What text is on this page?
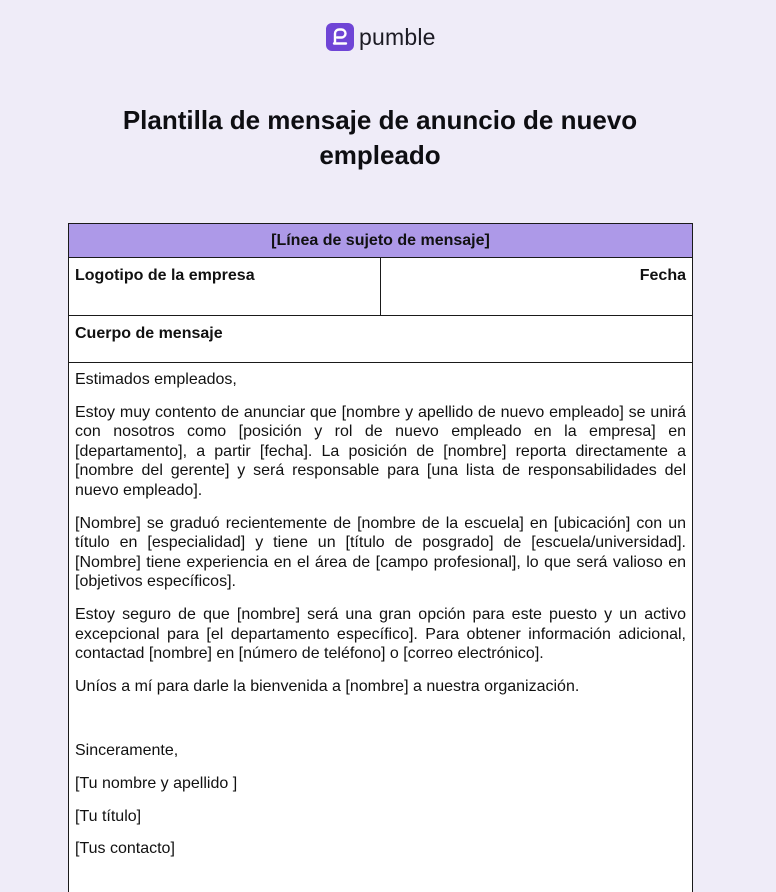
pumble
Plantilla de mensaje de anuncio de nuevo empleado
[Línea de sujeto de mensaje]
Logotipo de la empresa	Fecha
Cuerpo de mensaje

Estimados empleados,

Estoy muy contento de anunciar que [nombre y apellido de nuevo empleado] se unirá con nosotros como [posición y rol de nuevo empleado en la empresa] en [departamento], a partir [fecha]. La posición de [nombre] reporta directamente a [nombre del gerente] y será responsable para [una lista de responsabilidades del nuevo empleado].

[Nombre] se graduó recientemente de [nombre de la escuela] en [ubicación] con un título en [especialidad] y tiene un [título de posgrado] de [escuela/universidad]. [Nombre] tiene experiencia en el área de [campo profesional], lo que será valioso en [objetivos específicos].

Estoy seguro de que [nombre] será una gran opción para este puesto y un activo excepcional para [el departamento específico]. Para obtener información adicional, contactad [nombre] en [número de teléfono] o [correo electrónico].

Uníos a mí para darle la bienvenida a [nombre] a nuestra organización.

Sinceramente,

[Tu nombre y apellido ]

[Tu título]

[Tus contacto]
